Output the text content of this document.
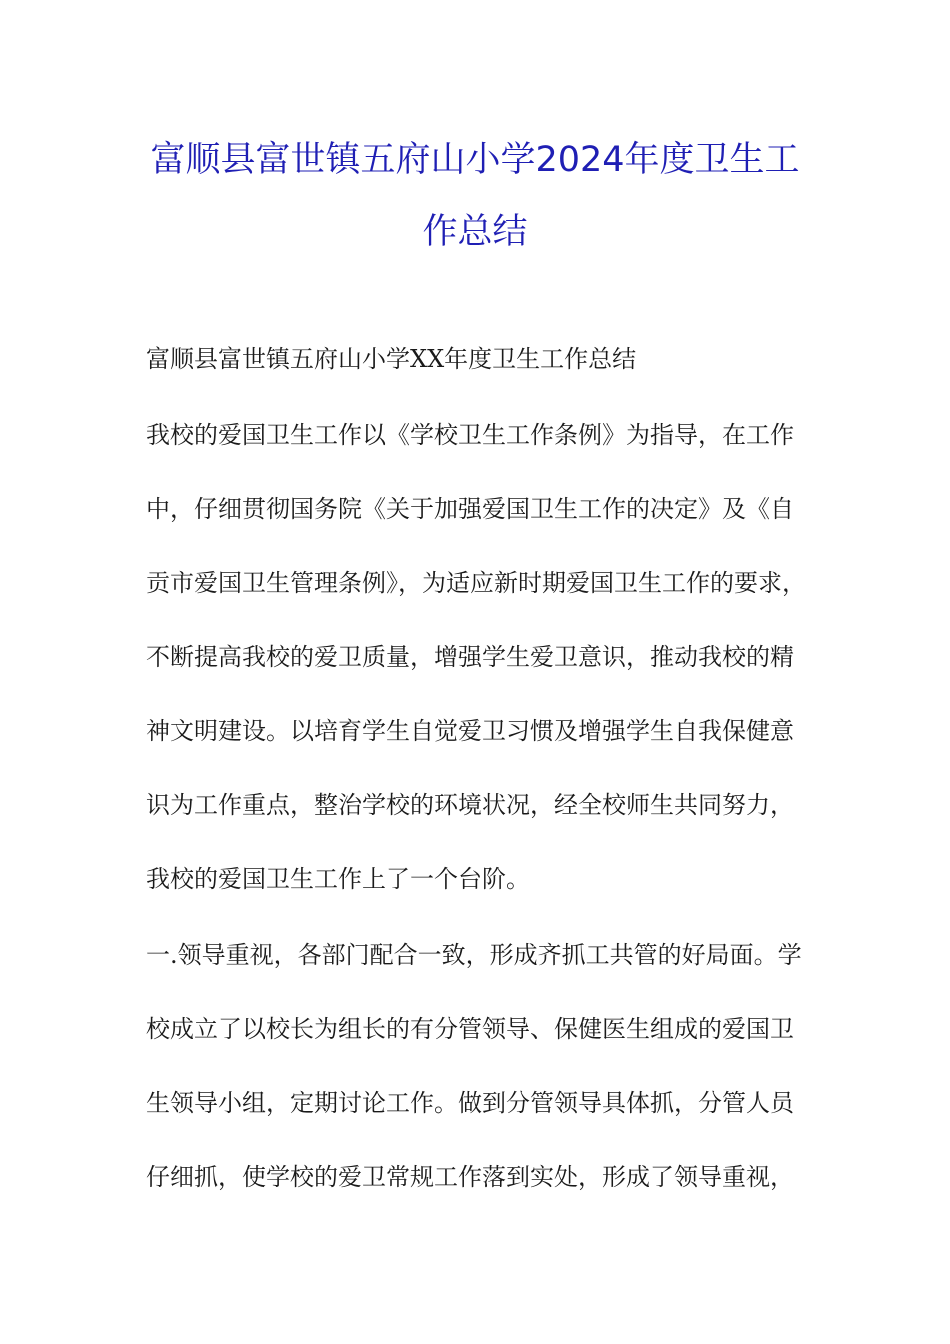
富顺县富世镇五府山小学2024年度卫生工
作总结

富顺县富世镇五府山小学XX年度卫生工作总结

我校的爱国卫生工作以《学校卫生工作条例》为指导，在工作

中，仔细贯彻国务院《关于加强爱国卫生工作的决定》及《自

贡市爱国卫生管理条例》，为适应新时期爱国卫生工作的要求，

不断提高我校的爱卫质量，增强学生爱卫意识，推动我校的精

神文明建设。以培育学生自觉爱卫习惯及增强学生自我保健意

识为工作重点，整治学校的环境状况，经全校师生共同努力，

我校的爱国卫生工作上了一个台阶。

一.领导重视，各部门配合一致，形成齐抓工共管的好局面。学

校成立了以校长为组长的有分管领导、保健医生组成的爱国卫

生领导小组，定期讨论工作。做到分管领导具体抓，分管人员

仔细抓，使学校的爱卫常规工作落到实处，形成了领导重视，
